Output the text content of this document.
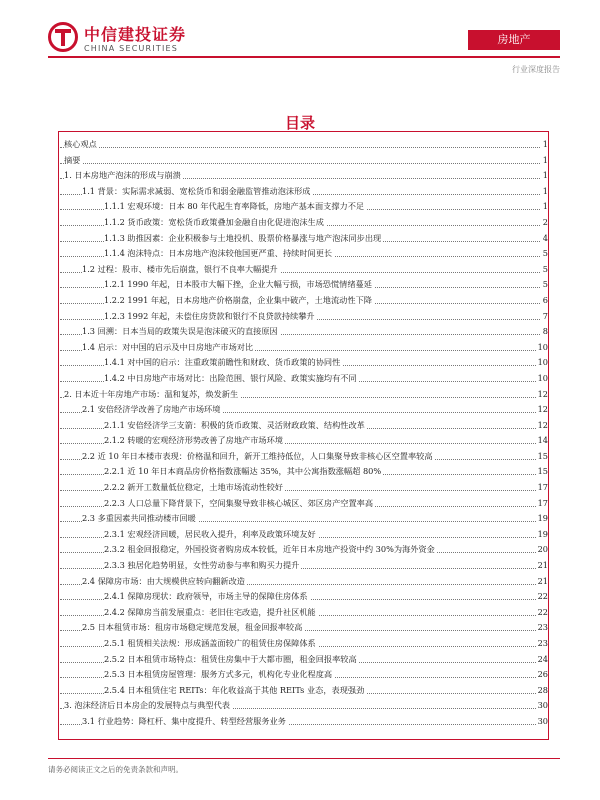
中信建投证券
CHINA SECURITIES
房地产
行业深度报告
目录
核心观点	1
摘要	1
1. 日本房地产泡沫的形成与崩溃	1
1.1 背景：实际需求减弱、宽松货币和弱金融监管推动泡沫形成	1
1.1.1 宏观环境：日本 80 年代起生育率降低，房地产基本面支撑力不足	1
1.1.2 货币政策：宽松货币政策叠加金融自由化促进泡沫生成	2
1.1.3 助推因素：企业积极参与土地投机、股票价格暴涨与地产泡沫同步出现	4
1.1.4 泡沫特点：日本房地产泡沫较他国更严重、持续时间更长	5
1.2 过程：股市、楼市先后崩盘，银行不良率大幅提升	5
1.2.1 1990 年起，日本股市大幅下挫，企业大幅亏损，市场恐慌情绪蔓延	5
1.2.2 1991 年起，日本房地产价格崩盘，企业集中破产，土地流动性下降	6
1.2.3 1992 年起，未偿住房贷款和银行不良贷款持续攀升	7
1.3 回溯：日本当局的政策失误是泡沫破灭的直接原因	8
1.4 启示：对中国的启示及中日房地产市场对比	10
1.4.1 对中国的启示：注重政策前瞻性和财政、货币政策的协同性	10
1.4.2 中日房地产市场对比：出险范围、银行风险、政策实施均有不同	10
2. 日本近十年房地产市场：温和复苏，焕发新生	12
2.1 安倍经济学改善了房地产市场环境	12
2.1.1 安倍经济学三支箭：积极的货币政策、灵活财政政策、结构性改革	12
2.1.2 转暖的宏观经济形势改善了房地产市场环境	14
2.2 近 10 年日本楼市表现：价格温和回升，新开工维持低位，人口集聚导致非核心区空置率较高	15
2.2.1 近 10 年日本商品房价格指数涨幅达 35%，其中公寓指数涨幅超 80%	15
2.2.2 新开工数量低位稳定，土地市场流动性较好	17
2.2.3 人口总量下降背景下，空间集聚导致非核心城区、郊区房产空置率高	17
2.3 多重因素共同推动楼市回暖	19
2.3.1 宏观经济回暖，居民收入提升，利率及政策环境友好	19
2.3.2 租金回报稳定，外国投资者购房成本较低，近年日本房地产投资中约 30%为海外资金	20
2.3.3 独居化趋势明显，女性劳动参与率和购买力提升	21
2.4 保障房市场：由大规模供应转向翻新改造	21
2.4.1 保障房现状：政府领导，市场主导的保障住房体系	22
2.4.2 保障房当前发展重点：老旧住宅改造，提升社区机能	22
2.5 日本租赁市场：租房市场稳定规范发展，租金回报率较高	23
2.5.1 租赁相关法规：形成涵盖面较广的租赁住房保障体系	23
2.5.2 日本租赁市场特点：租赁住房集中于大都市圈，租金回报率较高	24
2.5.3 日本租赁房屋管理：服务方式多元，机构化专业化程度高	26
2.5.4 日本租赁住宅 REITs：年化收益高于其他 REITs 业态，表现强劲	28
3. 泡沫经济后日本房企的发展特点与典型代表	30
3.1 行业趋势：降杠杆、集中度提升、转型经营服务业务	30
请务必阅读正文之后的免责条款和声明。
